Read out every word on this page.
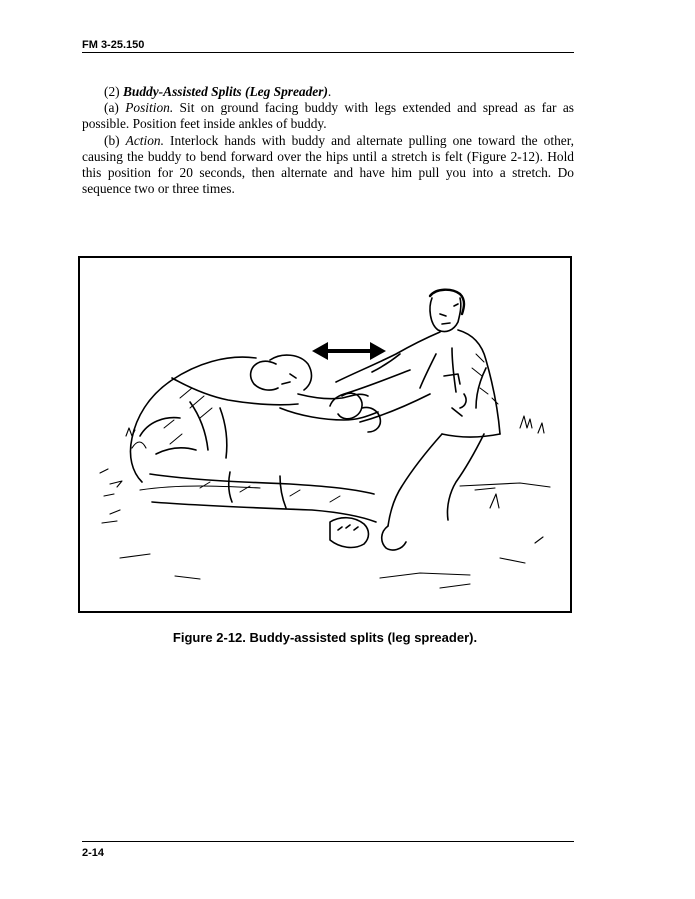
FM 3-25.150

(2) Buddy-Assisted Splits (Leg Spreader).

(a) Position. Sit on ground facing buddy with legs extended and spread as far as possible. Position feet inside ankles of buddy.

(b) Action. Interlock hands with buddy and alternate pulling one toward the other, causing the buddy to bend forward over the hips until a stretch is felt (Figure 2-12). Hold this position for 20 seconds, then alternate and have him pull you into a stretch. Do sequence two or three times.

Figure 2-12. Buddy-assisted splits (leg spreader).
2-14
